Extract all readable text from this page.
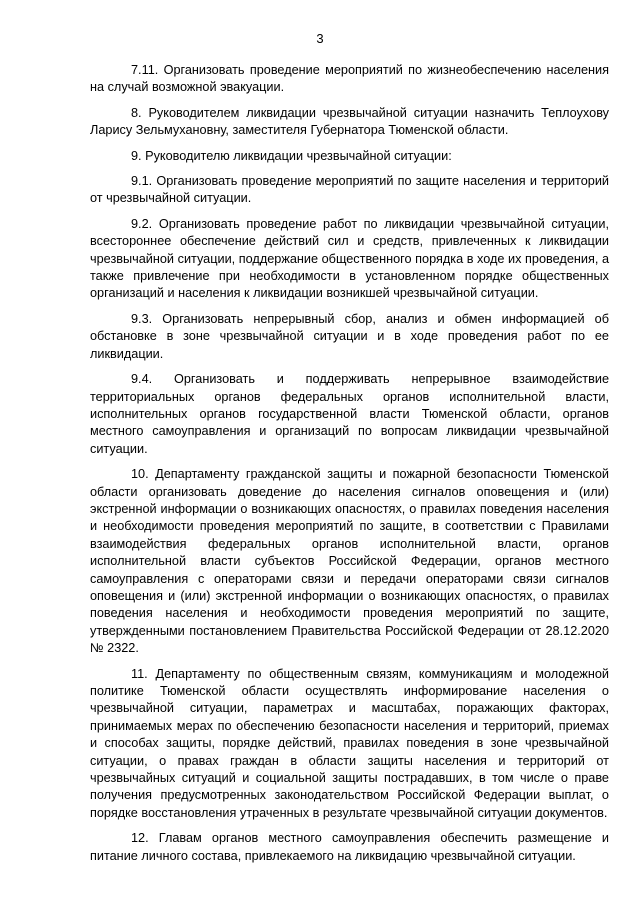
3

7.11. Организовать проведение мероприятий по жизнеобеспечению населения на случай возможной эвакуации.

8. Руководителем ликвидации чрезвычайной ситуации назначить Теплоухову Ларису Зельмухановну, заместителя Губернатора Тюменской области.

9. Руководителю ликвидации чрезвычайной ситуации:

9.1. Организовать проведение мероприятий по защите населения и территорий от чрезвычайной ситуации.

9.2. Организовать проведение работ по ликвидации чрезвычайной ситуации, всестороннее обеспечение действий сил и средств, привлеченных к ликвидации чрезвычайной ситуации, поддержание общественного порядка в ходе их проведения, а также привлечение при необходимости в установленном порядке общественных организаций и населения к ликвидации возникшей чрезвычайной ситуации.

9.3. Организовать непрерывный сбор, анализ и обмен информацией об обстановке в зоне чрезвычайной ситуации и в ходе проведения работ по ее ликвидации.

9.4. Организовать и поддерживать непрерывное взаимодействие территориальных органов федеральных органов исполнительной власти, исполнительных органов государственной власти Тюменской области, органов местного самоуправления и организаций по вопросам ликвидации чрезвычайной ситуации.

10. Департаменту гражданской защиты и пожарной безопасности Тюменской области организовать доведение до населения сигналов оповещения и (или) экстренной информации о возникающих опасностях, о правилах поведения населения и необходимости проведения мероприятий по защите, в соответствии с Правилами взаимодействия федеральных органов исполнительной власти, органов исполнительной власти субъектов Российской Федерации, органов местного самоуправления с операторами связи и передачи операторами связи сигналов оповещения и (или) экстренной информации о возникающих опасностях, о правилах поведения населения и необходимости проведения мероприятий по защите, утвержденными постановлением Правительства Российской Федерации от 28.12.2020 № 2322.

11. Департаменту по общественным связям, коммуникациям и молодежной политике Тюменской области осуществлять информирование населения о чрезвычайной ситуации, параметрах и масштабах, поражающих факторах, принимаемых мерах по обеспечению безопасности населения и территорий, приемах и способах защиты, порядке действий, правилах поведения в зоне чрезвычайной ситуации, о правах граждан в области защиты населения и территорий от чрезвычайных ситуаций и социальной защиты пострадавших, в том числе о праве получения предусмотренных законодательством Российской Федерации выплат, о порядке восстановления утраченных в результате чрезвычайной ситуации документов.

12. Главам органов местного самоуправления обеспечить размещение и питание личного состава, привлекаемого на ликвидацию чрезвычайной ситуации.
